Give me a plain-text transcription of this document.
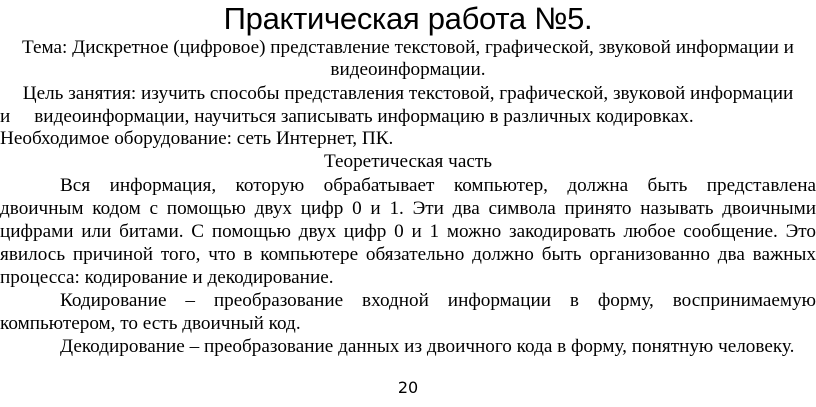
Практическая работа №5.
Тема: Дискретное (цифровое) представление текстовой, графической, звуковой информации и
видеоинформации.
Цель занятия: изучить способы представления текстовой, графической, звуковой информации
и     видеоинформации, научиться записывать информацию в различных кодировках.
Необходимое оборудование: сеть Интернет, ПК.
Теоретическая часть
Вся информация, которую обрабатывает компьютер, должна быть представлена
двоичным кодом с помощью двух цифр 0 и 1. Эти два символа принято называть двоичными
цифрами или битами. С помощью двух цифр 0 и 1 можно закодировать любое сообщение. Это
явилось причиной того, что в компьютере обязательно должно быть организованно два важных
процесса: кодирование и декодирование.
Кодирование – преобразование входной информации в форму, воспринимаемую
компьютером, то есть двоичный код.
Декодирование – преобразование данных из двоичного кода в форму, понятную человеку.
20
